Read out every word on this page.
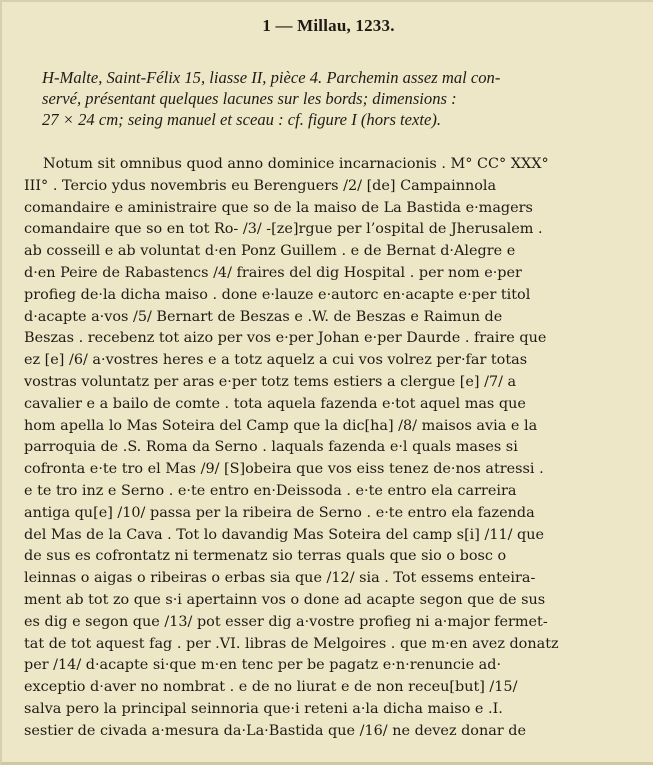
1 — Millau, 1233.
H-Malte, Saint-Félix 15, liasse II, pièce 4. Parchemin assez mal con-
servé, présentant quelques lacunes sur les bords; dimensions :
27 × 24 cm; seing manuel et sceau : cf. figure I (hors texte).
Notum sit omnibus quod anno dominice incarnacionis . M° CC° XXX°
III° . Tercio ydus novembris eu Berenguers /2/ [de] Campainnola
comandaire e aministraire que so de la maiso de La Bastida e·magers
comandaire que so en tot Ro- /3/ -[ze]rgue per l’ospital de Jherusalem .
ab cosseill e ab voluntat d·en Ponz Guillem . e de Bernat d·Alegre e
d·en Peire de Rabastencs /4/ fraires del dig Hospital . per nom e·per
profieg de·la dicha maiso . done e·lauze e·autorc en·acapte e·per titol
d·acapte a·vos /5/ Bernart de Beszas e .W. de Beszas e Raimun de
Beszas . recebenz tot aizo per vos e·per Johan e·per Daurde . fraire que
ez [e] /6/ a·vostres heres e a totz aquelz a cui vos volrez per·far totas
vostras voluntatz per aras e·per totz tems estiers a clergue [e] /7/ a
cavalier e a bailo de comte . tota aquela fazenda e·tot aquel mas que
hom apella lo Mas Soteira del Camp que la dic[ha] /8/ maisos avia e la
parroquia de .S. Roma da Serno . laquals fazenda e·l quals mases si
cofronta e·te tro el Mas /9/ [S]obeira que vos eiss tenez de·nos atressi .
e te tro inz e Serno . e·te entro en·Deissoda . e·te entro ela carreira
antiga qu[e] /10/ passa per la ribeira de Serno . e·te entro ela fazenda
del Mas de la Cava . Tot lo davandig Mas Soteira del camp s[i] /11/ que
de sus es cofrontatz ni termenatz sio terras quals que sio o bosc o
leinnas o aigas o ribeiras o erbas sia que /12/ sia . Tot essems enteira-
ment ab tot zo que s·i apertainn vos o done ad acapte segon que de sus
es dig e segon que /13/ pot esser dig a·vostre profieg ni a·major fermet-
tat de tot aquest fag . per .VI. libras de Melgoires . que m·en avez donatz
per /14/ d·acapte si·que m·en tenc per be pagatz e·n·renuncie ad·
exceptio d·aver no nombrat . e de no liurat e de non receu[but] /15/
salva pero la principal seinnoria que·i reteni a·la dicha maiso e .I.
sestier de civada a·mesura da·La·Bastida que /16/ ne devez donar de
